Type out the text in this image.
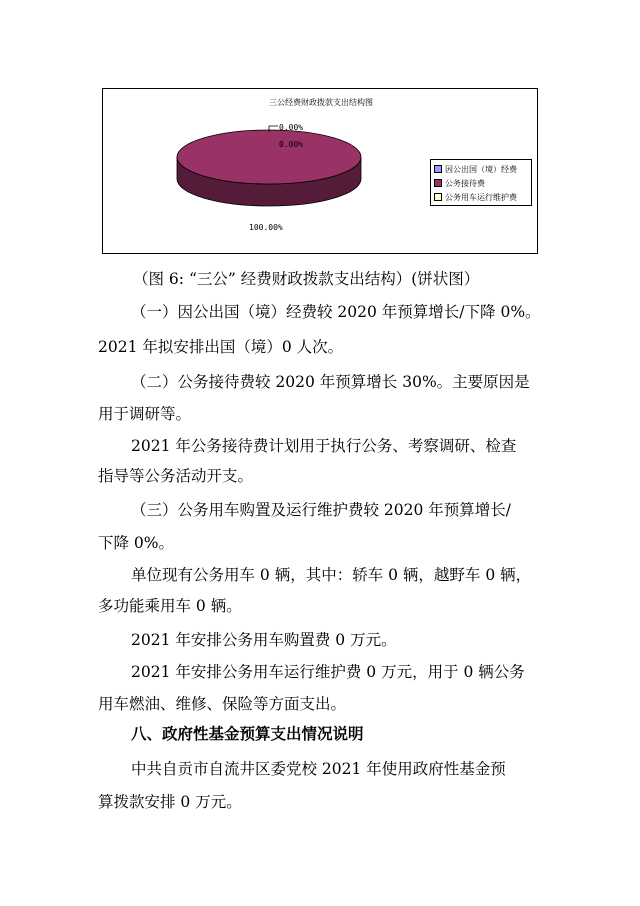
三公经费财政拨款支出结构图
0.00%
0.00%
100.00%
因公出国（境）经费
公务接待费
公务用车运行维护费
（图 6: “三公” 经费财政拨款支出结构）(饼状图）
（一）因公出国（境）经费较 2020 年预算增长/下降 0%。
2021 年拟安排出国（境）0 人次。
（二）公务接待费较 2020 年预算增长 30%。主要原因是
用于调研等。
2021 年公务接待费计划用于执行公务、考察调研、检查
指导等公务活动开支。
（三）公务用车购置及运行维护费较 2020 年预算增长/
下降 0%。
单位现有公务用车 0 辆，其中：轿车 0 辆，越野车 0 辆，
多功能乘用车 0 辆。
2021 年安排公务用车购置费 0 万元。
2021 年安排公务用车运行维护费 0 万元，用于 0 辆公务
用车燃油、维修、保险等方面支出。
八、政府性基金预算支出情况说明
中共自贡市自流井区委党校 2021 年使用政府性基金预
算拨款安排 0 万元。
